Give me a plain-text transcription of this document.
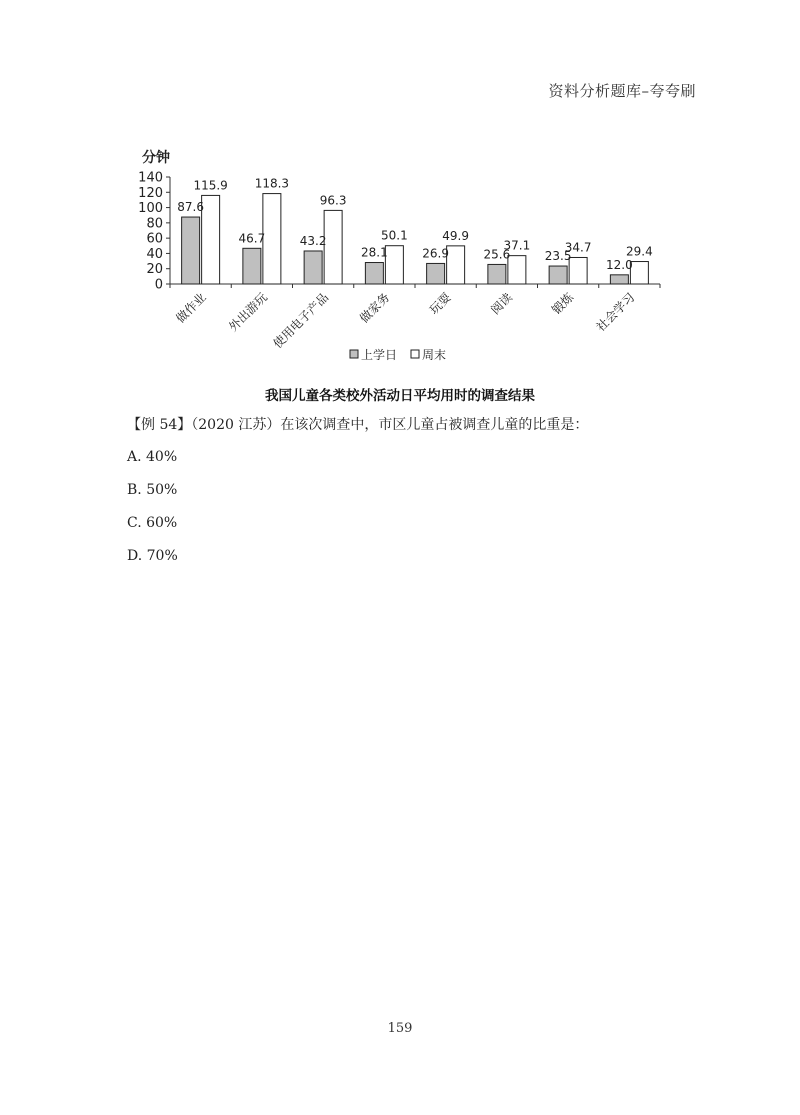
资料分析题库–夸夸刷
分钟
0
20
40
60
80
100
120
140
87.6
115.9
做作业
46.7
118.3
外出游玩
43.2
96.3
使用电子产品
28.1
50.1
做家务
26.9
49.9
玩耍
25.6
37.1
阅读
23.5
34.7
锻炼
12.0
29.4
社会学习
上学日 周末
我国儿童各类校外活动日平均用时的调查结果
【例 54】（2020 江苏）在该次调查中，市区儿童占被调查儿童的比重是：
A. 40%
B. 50%
C. 60%
D. 70%
159
